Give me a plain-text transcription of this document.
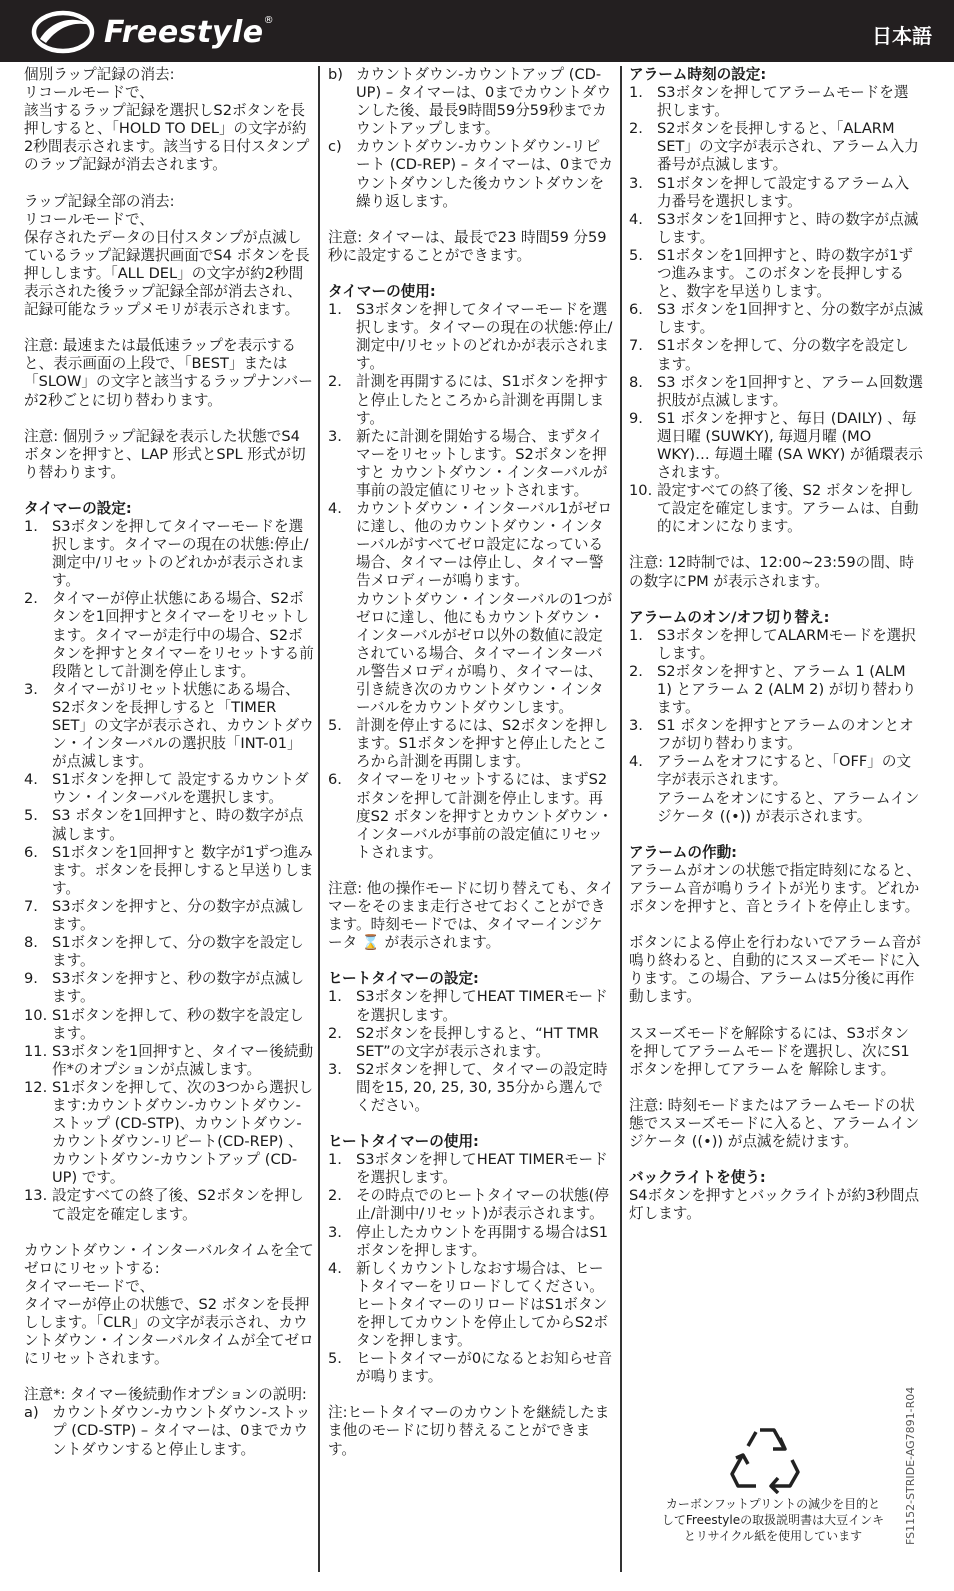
Freestyle®
日本語
個別ラップ記録の消去:
リコールモードで、
該当するラップ記録を選択しS2ボタンを長押しすると、「HOLD TO DEL」の文字が約2秒間表示されます。該当する日付スタンプのラップ記録が消去されます。
ラップ記録全部の消去:
リコールモードで、
保存されたデータの日付スタンプが点滅しているラップ記録選択画面でS4 ボタンを長押しします。「ALL DEL」の文字が約2秒間表示された後ラップ記録全部が消去され、記録可能なラップメモリが表示されます。
注意: 最速または最低速ラップを表示すると、表示画面の上段で、「BEST」または「SLOW」の文字と該当するラップナンバーが2秒ごとに切り替わります。
注意: 個別ラップ記録を表示した状態でS4ボタンを押すと、LAP 形式とSPL 形式が切り替わります。
タイマーの設定:
1. S3ボタンを押してタイマーモードを選択します。タイマーの現在の状態:停止/測定中/リセットのどれかが表示されます。
2. タイマーが停止状態にある場合、S2ボタンを1回押すとタイマーをリセットします。タイマーが走行中の場合、S2ボタンを押すとタイマーをリセットする前段階として計測を停止します。
3. タイマーがリセット状態にある場合、S2ボタンを長押しすると「TIMER SET」の文字が表示され、カウントダウン・インターバルの選択肢「INT-01」が点滅します。
4. S1ボタンを押して 設定するカウントダウン・インターバルを選択します。
5. S3 ボタンを1回押すと、時の数字が点滅します。
6. S1ボタンを1回押すと 数字が1ずつ進みます。ボタンを長押しすると早送りします。
7. S3ボタンを押すと、分の数字が点滅します。
8. S1ボタンを押して、分の数字を設定します。
9. S3ボタンを押すと、秒の数字が点滅します。
10. S1ボタンを押して、秒の数字を設定します。
11. S3ボタンを1回押すと、タイマー後続動作*のオプションが点滅します。
12. S1ボタンを押して、次の3つから選択します:カウントダウン-カウントダウン-ストップ (CD-STP)、カウントダウン-カウントダウン-リピート(CD-REP) 、カウントダウン-カウントアップ (CD-UP) です。
13. 設定すべての終了後、S2ボタンを押して設定を確定します。
カウントダウン・インターバルタイムを全てゼロにリセットする:
タイマーモードで、
タイマーが停止の状態で、S2 ボタンを長押しします。「CLR」の文字が表示され、カウントダウン・インターバルタイムが全てゼロにリセットされます。
注意*: タイマー後続動作オプションの説明:
a) カウントダウン-カウントダウン-ストップ (CD-STP) – タイマーは、0までカウントダウンすると停止します。
b) カウントダウン-カウントアップ (CD-UP) – タイマーは、0までカウントダウンした後、最長9時間59分59秒までカウントアップします。
c) カウントダウン-カウントダウン-リピート (CD-REP) – タイマーは、0までカウントダウンした後カウントダウンを繰り返します。
注意: タイマーは、最長で23 時間59 分59 秒に設定することができます。
タイマーの使用:
1. S3ボタンを押してタイマーモードを選択します。タイマーの現在の状態:停止/測定中/リセットのどれかが表示されます。
2. 計測を再開するには、S1ボタンを押すと停止したところから計測を再開します。
3. 新たに計測を開始する場合、まずタイマーをリセットします。S2ボタンを押すと カウントダウン・インターバルが事前の設定値にリセットされます。
4. カウントダウン・インターバル1がゼロに達し、他のカウントダウン・インターバルがすべてゼロ設定になっている場合、タイマーは停止し、タイマー警告メロディーが鳴ります。
カウントダウン・インターバルの1つがゼロに達し、他にもカウントダウン・インターバルがゼロ以外の数値に設定されている場合、タイマーインターバル警告メロディが鳴り、タイマーは、引き続き次のカウントダウン・インターバルをカウントダウンします。
5. 計測を停止するには、S2ボタンを押します。S1ボタンを押すと停止したところから計測を再開します。
6. タイマーをリセットするには、まずS2ボタンを押して計測を停止します。再度S2 ボタンを押すとカウントダウン・インターバルが事前の設定値にリセットされます。
注意: 他の操作モードに切り替えても、タイマーをそのまま走行させておくことができます。時刻モードでは、タイマーインジケータ ⌛ が表示されます。
ヒートタイマーの設定:
1. S3ボタンを押してHEAT TIMERモードを選択します。
2. S2ボタンを長押しすると、“HT TMR SET”の文字が表示されます。
3. S2ボタンを押して、タイマーの設定時間を15, 20, 25, 30, 35分から選んでください。
ヒートタイマーの使用:
1. S3ボタンを押してHEAT TIMERモードを選択します。
2. その時点でのヒートタイマーの状態(停止/計測中/リセット)が表示されます。
3. 停止したカウントを再開する場合はS1ボタンを押します。
4. 新しくカウントしなおす場合は、ヒートタイマーをリロードしてください。ヒートタイマーのリロードはS1ボタンを押してカウントを停止してからS2ボタンを押します。
5. ヒートタイマーが0になるとお知らせ音が鳴ります。
注:ヒートタイマーのカウントを継続したまま他のモードに切り替えることができます。
アラーム時刻の設定:
1. S3ボタンを押してアラームモードを選択します。
2. S2ボタンを長押しすると、「ALARM SET」の文字が表示され、アラーム入力番号が点滅します。
3. S1ボタンを押して設定するアラーム入力番号を選択します。
4. S3ボタンを1回押すと、時の数字が点滅します。
5. S1ボタンを1回押すと、時の数字が1ずつ進みます。このボタンを長押しすると、数字を早送りします。
6. S3 ボタンを1回押すと、分の数字が点滅します。
7. S1ボタンを押して、分の数字を設定します。
8. S3 ボタンを1回押すと、アラーム回数選択肢が点滅します。
9. S1 ボタンを押すと、毎日 (DAILY) 、毎週日曜 (SUWKY), 毎週月曜 (MO WKY)… 毎週土曜 (SA WKY) が循環表示されます。
10. 設定すべての終了後、S2 ボタンを押して設定を確定します。アラームは、自動的にオンになります。
注意: 12時制では、12:00~23:59の間、時の数字にPM が表示されます。
アラームのオン/オフ切り替え:
1. S3ボタンを押してALARMモードを選択します。
2. S2ボタンを押すと、アラーム 1 (ALM 1) とアラーム 2 (ALM 2) が切り替わります。
3. S1 ボタンを押すとアラームのオンとオフが切り替わります。
4. アラームをオフにすると、「OFF」の文字が表示されます。
アラームをオンにすると、アラームインジケータ ((•)) が表示されます。
アラームの作動:
アラームがオンの状態で指定時刻になると、アラーム音が鳴りライトが光ります。どれかボタンを押すと、音とライトを停止します。
ボタンによる停止を行わないでアラーム音が鳴り終わると、自動的にスヌーズモードに入ります。この場合、アラームは5分後に再作動します。
スヌーズモードを解除するには、S3ボタンを押してアラームモードを選択し、次にS1ボタンを押してアラームを 解除します。
注意: 時刻モードまたはアラームモードの状態でスヌーズモードに入ると、アラームインジケータ ((•)) が点滅を続けます。
バックライトを使う:
S4ボタンを押すとバックライトが約3秒間点灯します。
カーボンフットプリントの減少を目的としてFreestyleの取扱説明書は大豆インキとリサイクル紙を使用しています	FS1152-STRIDE-AG7891-R04
